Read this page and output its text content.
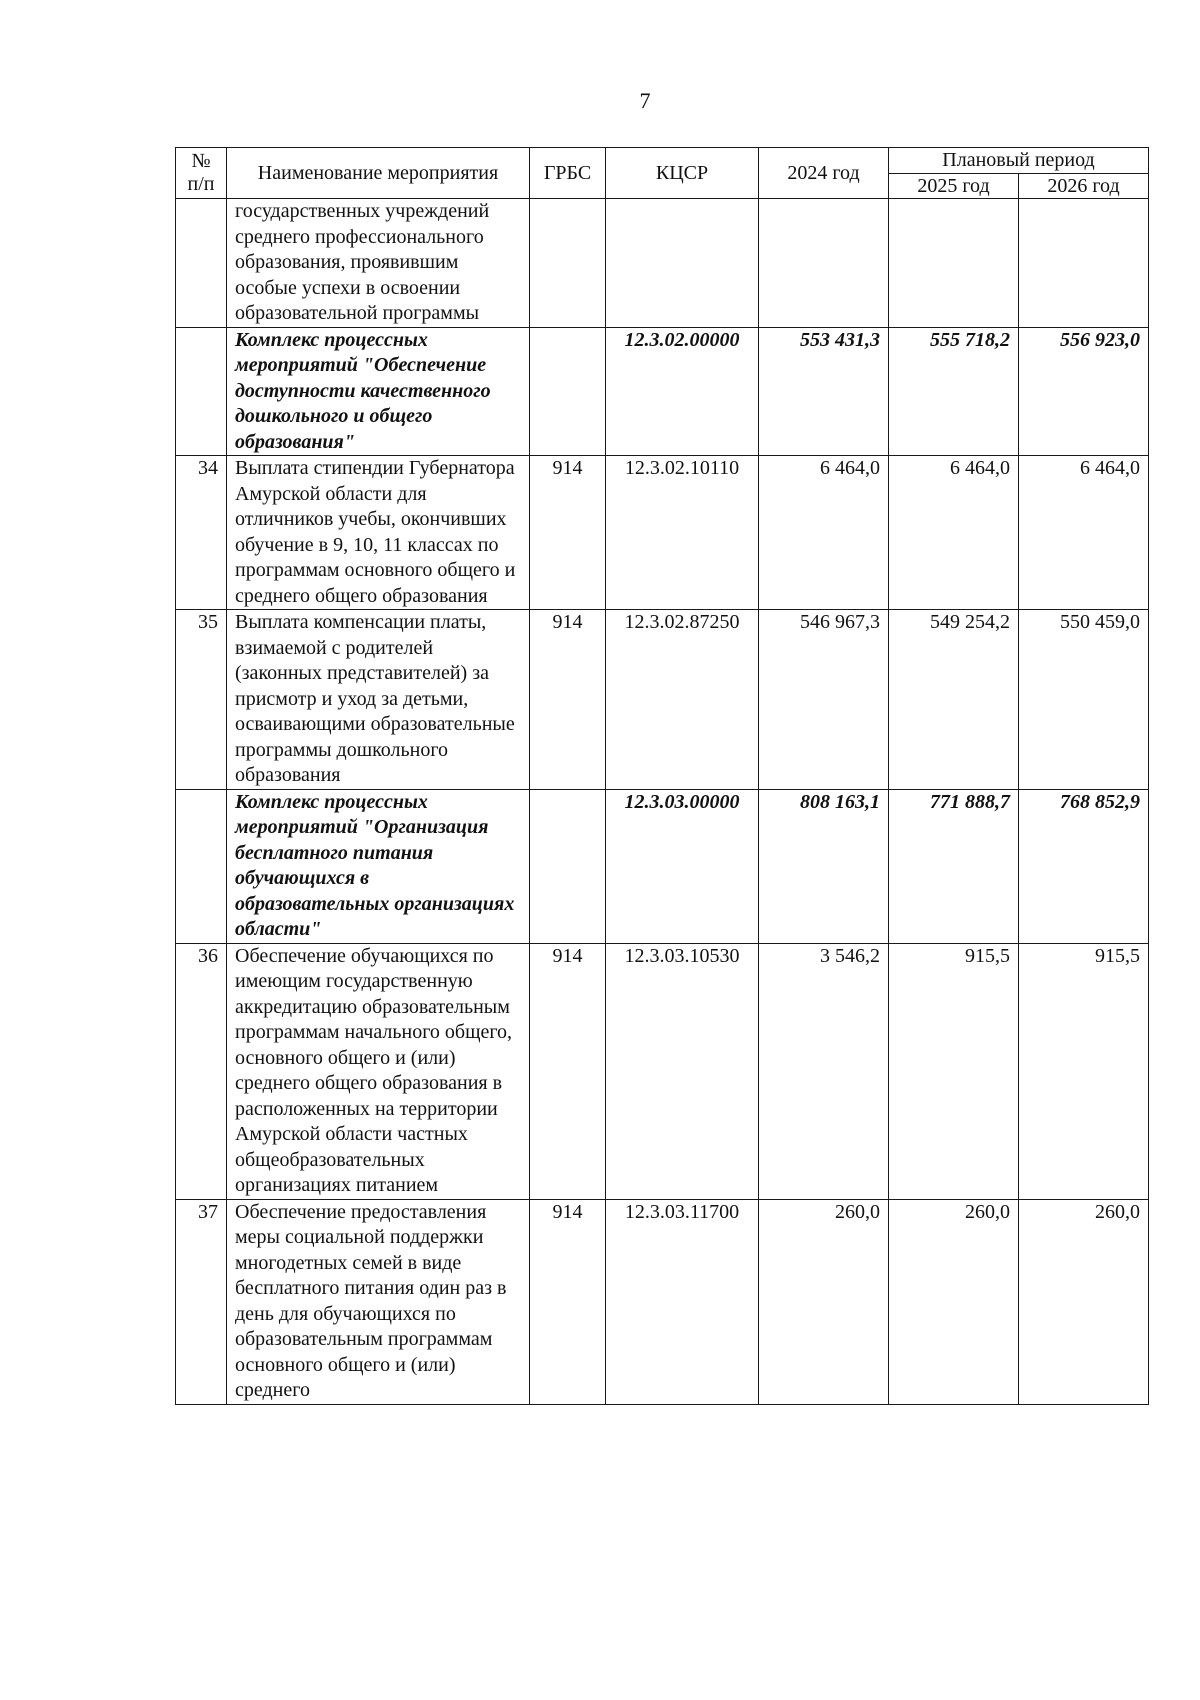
7
№ п/п	Наименование мероприятия	ГРБС	КЦСР	2024 год	Плановый период	
					2025 год	2026 год
	государственных учреждений среднего профессионального образования, проявившим особые успехи в освоении образовательной программы					
	Комплекс процессных мероприятий "Обеспечение доступности качественного дошкольного и общего образования"		12.3.02.00000	553 431,3	555 718,2	556 923,0
34	Выплата стипендии Губернатора Амурской области для отличников учебы, окончивших обучение в 9, 10, 11 классах по программам основного общего и среднего общего образования	914	12.3.02.10110	6 464,0	6 464,0	6 464,0
35	Выплата компенсации платы, взимаемой с родителей (законных представителей) за присмотр и уход за детьми, осваивающими образовательные программы дошкольного образования	914	12.3.02.87250	546 967,3	549 254,2	550 459,0
	Комплекс процессных мероприятий "Организация бесплатного питания обучающихся в образовательных организациях области"		12.3.03.00000	808 163,1	771 888,7	768 852,9
36	Обеспечение обучающихся по имеющим государственную аккредитацию образовательным программам начального общего, основного общего и (или) среднего общего образования в расположенных на территории Амурской области частных общеобразовательных организациях питанием	914	12.3.03.10530	3 546,2	915,5	915,5
37	Обеспечение предоставления меры социальной поддержки многодетных семей в виде бесплатного питания один раз в день для обучающихся по образовательным программам основного общего и (или) среднего	914	12.3.03.11700	260,0	260,0	260,0
